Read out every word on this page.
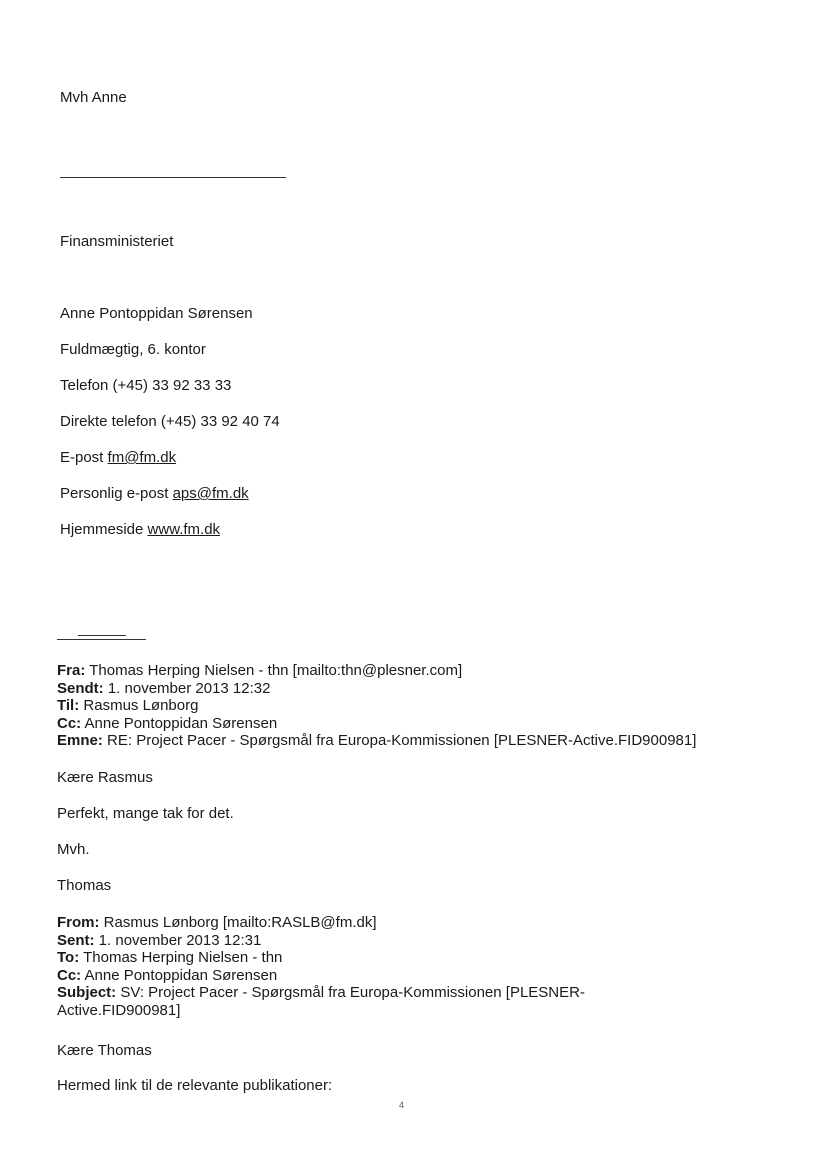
Mvh Anne
Finansministeriet
Anne Pontoppidan Sørensen
Fuldmægtig, 6. kontor
Telefon (+45) 33 92 33 33
Direkte telefon (+45) 33 92 40 74
E-post fm@fm.dk
Personlig e-post aps@fm.dk
Hjemmeside www.fm.dk
Fra: Thomas Herping Nielsen - thn [mailto:thn@plesner.com]
Sendt: 1. november 2013 12:32
Til: Rasmus Lønborg
Cc: Anne Pontoppidan Sørensen
Emne: RE: Project Pacer - Spørgsmål fra Europa-Kommissionen [PLESNER-Active.FID900981]
Kære Rasmus
Perfekt, mange tak for det.
Mvh.
Thomas
From: Rasmus Lønborg [mailto:RASLB@fm.dk]
Sent: 1. november 2013 12:31
To: Thomas Herping Nielsen - thn
Cc: Anne Pontoppidan Sørensen
Subject: SV: Project Pacer - Spørgsmål fra Europa-Kommissionen [PLESNER-
Active.FID900981]
Kære Thomas
Hermed link til de relevante publikationer:
4
